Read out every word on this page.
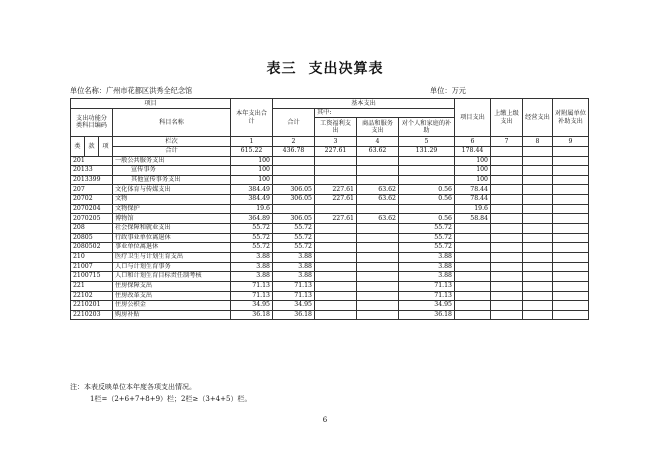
表三 支出决算表
单位名称：广州市花都区洪秀全纪念馆	单位：万元
项目				本年支出合计	基本支出				项目支出	上缴上级支出	经营支出	对附属单位补助支出
支出功能分类科目编码			科目名称		合计	其中:						
						工资福利支出	商品和服务支出	对个人和家庭的补助				
类	款	项	栏次	1	2	3	4	5	6	7	8	9
			合计	615.22	436.78	227.61	63.62	131.29	178.44			
201			一般公共服务支出	100					100			
20133			宣传事务	100					100			
2013399			其他宣传事务支出	100					100			
207			文化体育与传媒支出	384.49	306.05	227.61	63.62	0.56	78.44			
20702			文物	384.49	306.05	227.61	63.62	0.56	78.44			
2070204			文物保护	19.6					19.6			
2070205			博物馆	364.89	306.05	227.61	63.62	0.56	58.84			
208			社会保障和就业支出	55.72	55.72			55.72				
20805			行政事业单位离退休	55.72	55.72			55.72				
2080502			事业单位离退休	55.72	55.72			55.72				
210			医疗卫生与计划生育支出	3.88	3.88			3.88				
21007			人口与计划生育事务	3.88	3.88			3.88				
2100715			人口和计划生育目标责任制考核	3.88	3.88			3.88				
221			住房保障支出	71.13	71.13			71.13				
22102			住房改革支出	71.13	71.13			71.13				
2210201			住房公积金	34.95	34.95			34.95				
2210203			购房补贴	36.18	36.18			36.18				
注：本表反映单位本年度各项支出情况。
1栏=（2+6+7+8+9）栏；2栏≥（3+4+5）栏。
6
